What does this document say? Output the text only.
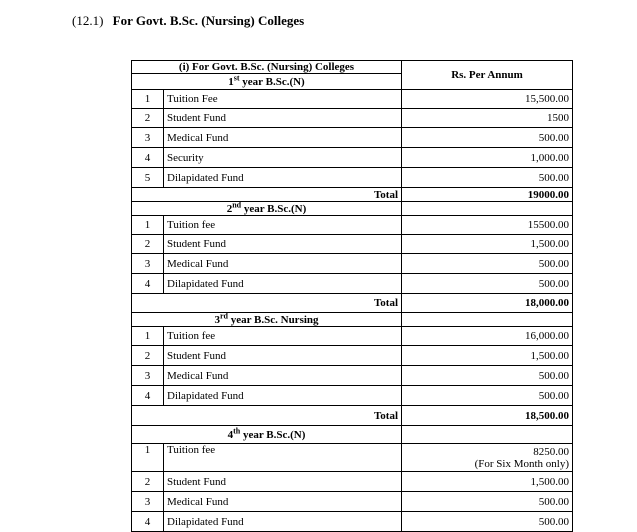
(12.1) For Govt. B.Sc. (Nursing) Colleges
(i) For Govt. B.Sc. (Nursing) Colleges		Rs. Per Annum
1st year B.Sc.(N)		
1	Tuition Fee	15,500.00
2	Student Fund	1500
3	Medical Fund	500.00
4	Security	1,000.00
5	Dilapidated Fund	500.00
Total		19000.00
2nd year B.Sc.(N)		
1	Tuition fee	15500.00
2	Student Fund	1,500.00
3	Medical Fund	500.00
4	Dilapidated Fund	500.00
Total		18,000.00
3rd year B.Sc. Nursing		
1	Tuition fee	16,000.00
2	Student Fund	1,500.00
3	Medical Fund	500.00
4	Dilapidated Fund	500.00
Total		18,500.00
4th year B.Sc.(N)		
1	Tuition fee	8250.00
(For Six Month only)

2	Student Fund	1,500.00
3	Medical Fund	500.00
4	Dilapidated Fund	500.00
